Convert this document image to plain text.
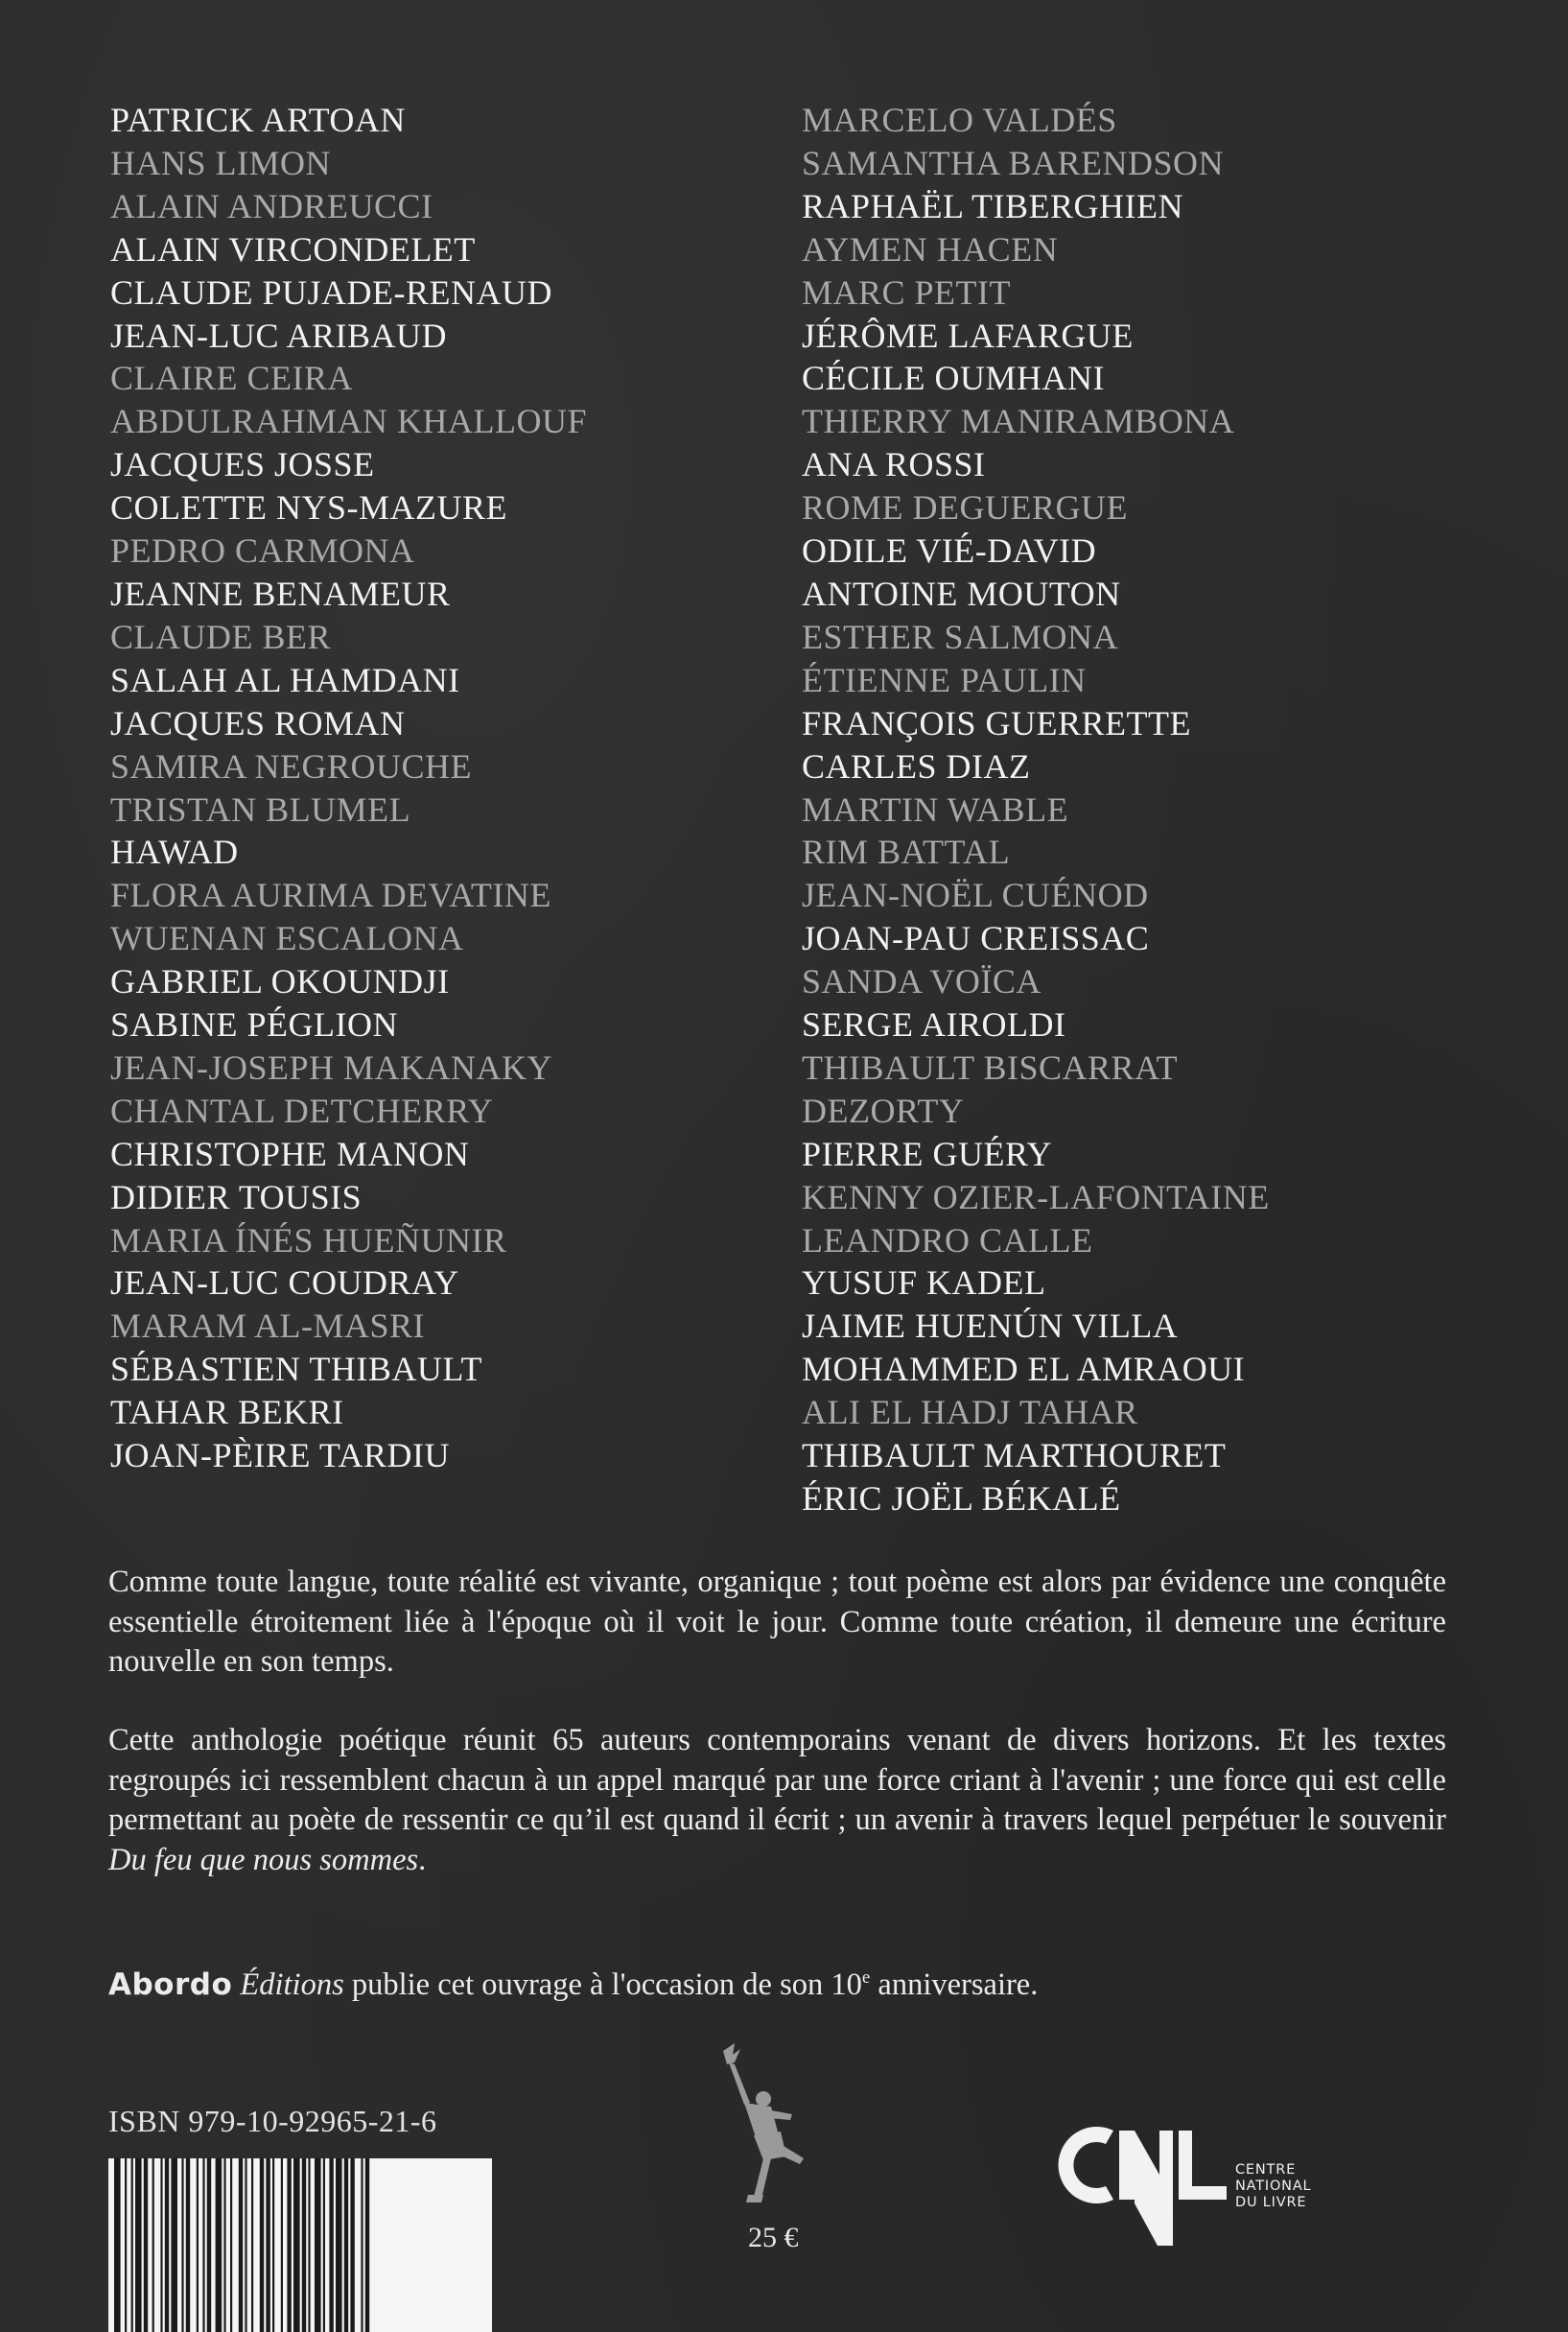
PATRICK ARTOAN
HANS LIMON
ALAIN ANDREUCCI
ALAIN VIRCONDELET
CLAUDE PUJADE-RENAUD
JEAN-LUC ARIBAUD
CLAIRE CEIRA
ABDULRAHMAN KHALLOUF
JACQUES JOSSE
COLETTE NYS-MAZURE
PEDRO CARMONA
JEANNE BENAMEUR
CLAUDE BER
SALAH AL HAMDANI
JACQUES ROMAN
SAMIRA NEGROUCHE
TRISTAN BLUMEL
HAWAD
FLORA AURIMA DEVATINE
WUENAN ESCALONA
GABRIEL OKOUNDJI
SABINE PÉGLION
JEAN-JOSEPH MAKANAKY
CHANTAL DETCHERRY
CHRISTOPHE MANON
DIDIER TOUSIS
MARIA ÍNÉS HUEÑUNIR
JEAN-LUC COUDRAY
MARAM AL-MASRI
SÉBASTIEN THIBAULT
TAHAR BEKRI
JOAN-PÈIRE TARDIU
MARCELO VALDÉS
SAMANTHA BARENDSON
RAPHAËL TIBERGHIEN
AYMEN HACEN
MARC PETIT
JÉRÔME LAFARGUE
CÉCILE OUMHANI
THIERRY MANIRAMBONA
ANA ROSSI
ROME DEGUERGUE
ODILE VIÉ-DAVID
ANTOINE MOUTON
ESTHER SALMONA
ÉTIENNE PAULIN
FRANÇOIS GUERRETTE
CARLES DIAZ
MARTIN WABLE
RIM BATTAL
JEAN-NOËL CUÉNOD
JOAN-PAU CREISSAC
SANDA VOÏCA
SERGE AIROLDI
THIBAULT BISCARRAT
DEZORTY
PIERRE GUÉRY
KENNY OZIER-LAFONTAINE
LEANDRO CALLE
YUSUF KADEL
JAIME HUENÚN VILLA
MOHAMMED EL AMRAOUI
ALI EL HADJ TAHAR
THIBAULT MARTHOURET
ÉRIC JOËL BÉKALÉ

Comme toute langue, toute réalité est vivante, organique ; tout poème est alors par évidence une conquête essentielle étroitement liée à l'époque où il voit le jour. Comme toute création, il demeure une écriture nouvelle en son temps.

Cette anthologie poétique réunit 65 auteurs contemporains venant de divers horizons. Et les textes regroupés ici ressemblent chacun à un appel marqué par une force criant à l'avenir ; une force qui est celle permettant au poète de ressentir ce qu’il est quand il écrit ; un avenir à travers lequel perpétuer le souvenir Du feu que nous sommes.

Abordo Éditions publie cet ouvrage à l'occasion de son 10e anniversaire.
ISBN 979-10-92965-21-6
25 €
CENTRE
NATIONAL
DU LIVRE
